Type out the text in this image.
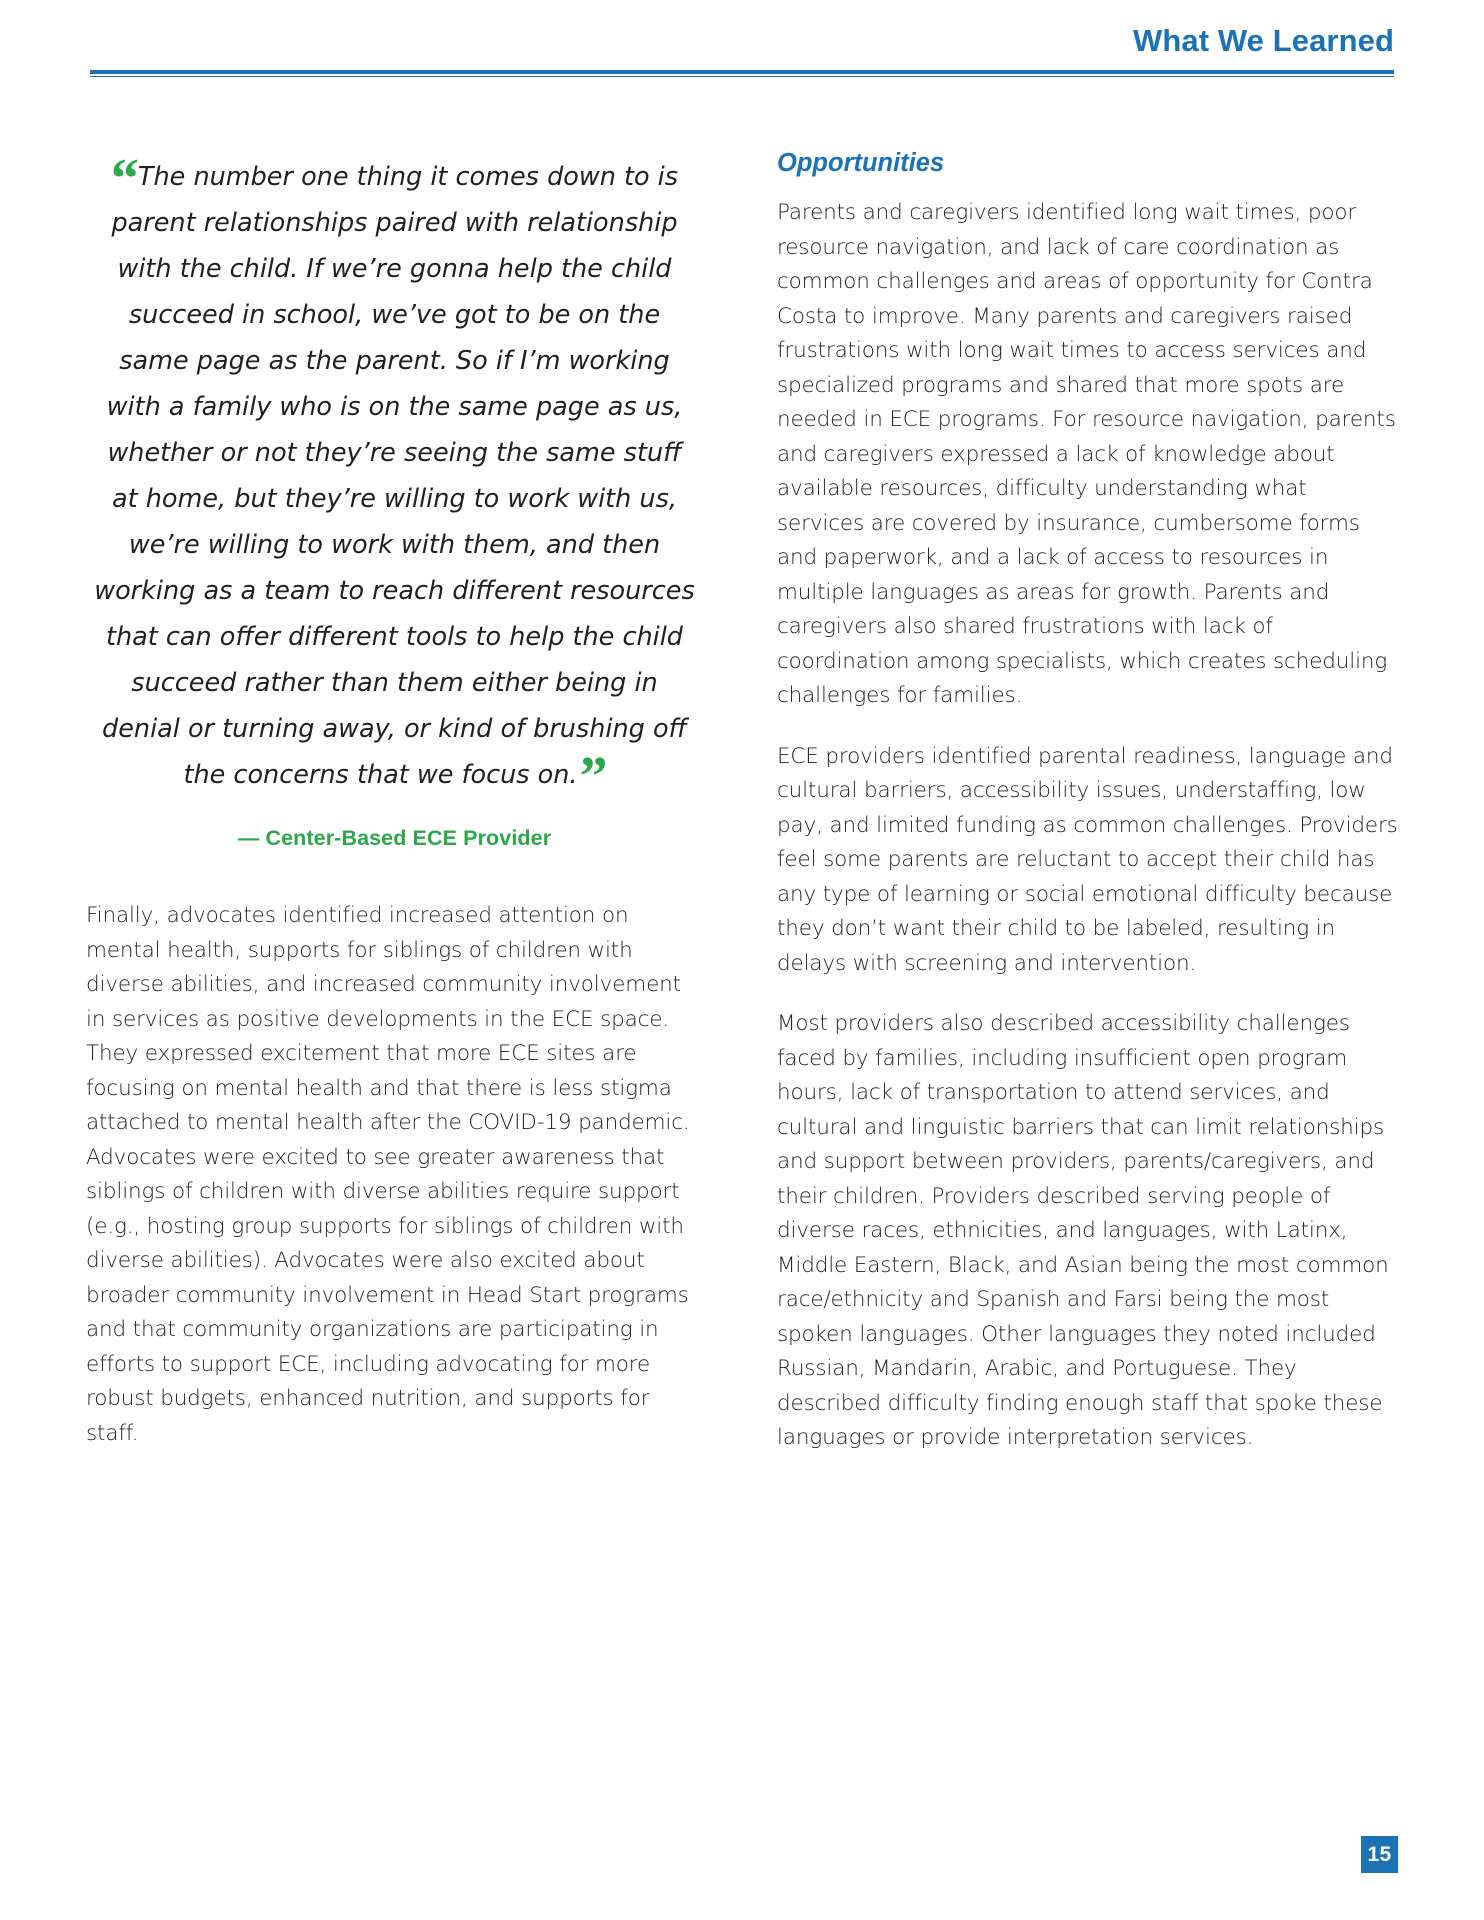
What We Learned
“The number one thing it comes down to is parent relationships paired with relationship with the child. If we’re gonna help the child succeed in school, we’ve got to be on the same page as the parent. So if I’m working with a family who is on the same page as us, whether or not they’re seeing the same stuff at home, but they’re willing to work with us, we’re willing to work with them, and then working as a team to reach different resources that can offer different tools to help the child succeed rather than them either being in denial or turning away, or kind of brushing off the concerns that we focus on.”
— Center-Based ECE Provider

Finally, advocates identified increased attention on mental health, supports for siblings of children with diverse abilities, and increased community involvement in services as positive developments in the ECE space. They expressed excitement that more ECE sites are focusing on mental health and that there is less stigma attached to mental health after the COVID-19 pandemic. Advocates were excited to see greater awareness that siblings of children with diverse abilities require support (e.g., hosting group supports for siblings of children with diverse abilities). Advocates were also excited about broader community involvement in Head Start programs and that community organizations are participating in efforts to support ECE, including advocating for more robust budgets, enhanced nutrition, and supports for staff.

Opportunities

Parents and caregivers identified long wait times, poor resource navigation, and lack of care coordination as common challenges and areas of opportunity for Contra Costa to improve. Many parents and caregivers raised frustrations with long wait times to access services and specialized programs and shared that more spots are needed in ECE programs. For resource navigation, parents and caregivers expressed a lack of knowledge about available resources, difficulty understanding what services are covered by insurance, cumbersome forms and paperwork, and a lack of access to resources in multiple languages as areas for growth. Parents and caregivers also shared frustrations with lack of coordination among specialists, which creates scheduling challenges for families.

ECE providers identified parental readiness, language and cultural barriers, accessibility issues, understaffing, low pay, and limited funding as common challenges. Providers feel some parents are reluctant to accept their child has any type of learning or social emotional difficulty because they don’t want their child to be labeled, resulting in delays with screening and intervention.

Most providers also described accessibility challenges faced by families, including insufficient open program hours, lack of transportation to attend services, and cultural and linguistic barriers that can limit relationships and support between providers, parents/caregivers, and their children. Providers described serving people of diverse races, ethnicities, and languages, with Latinx, Middle Eastern, Black, and Asian being the most common race/ethnicity and Spanish and Farsi being the most spoken languages. Other languages they noted included Russian, Mandarin, Arabic, and Portuguese. They described difficulty finding enough staff that spoke these languages or provide interpretation services.

15
